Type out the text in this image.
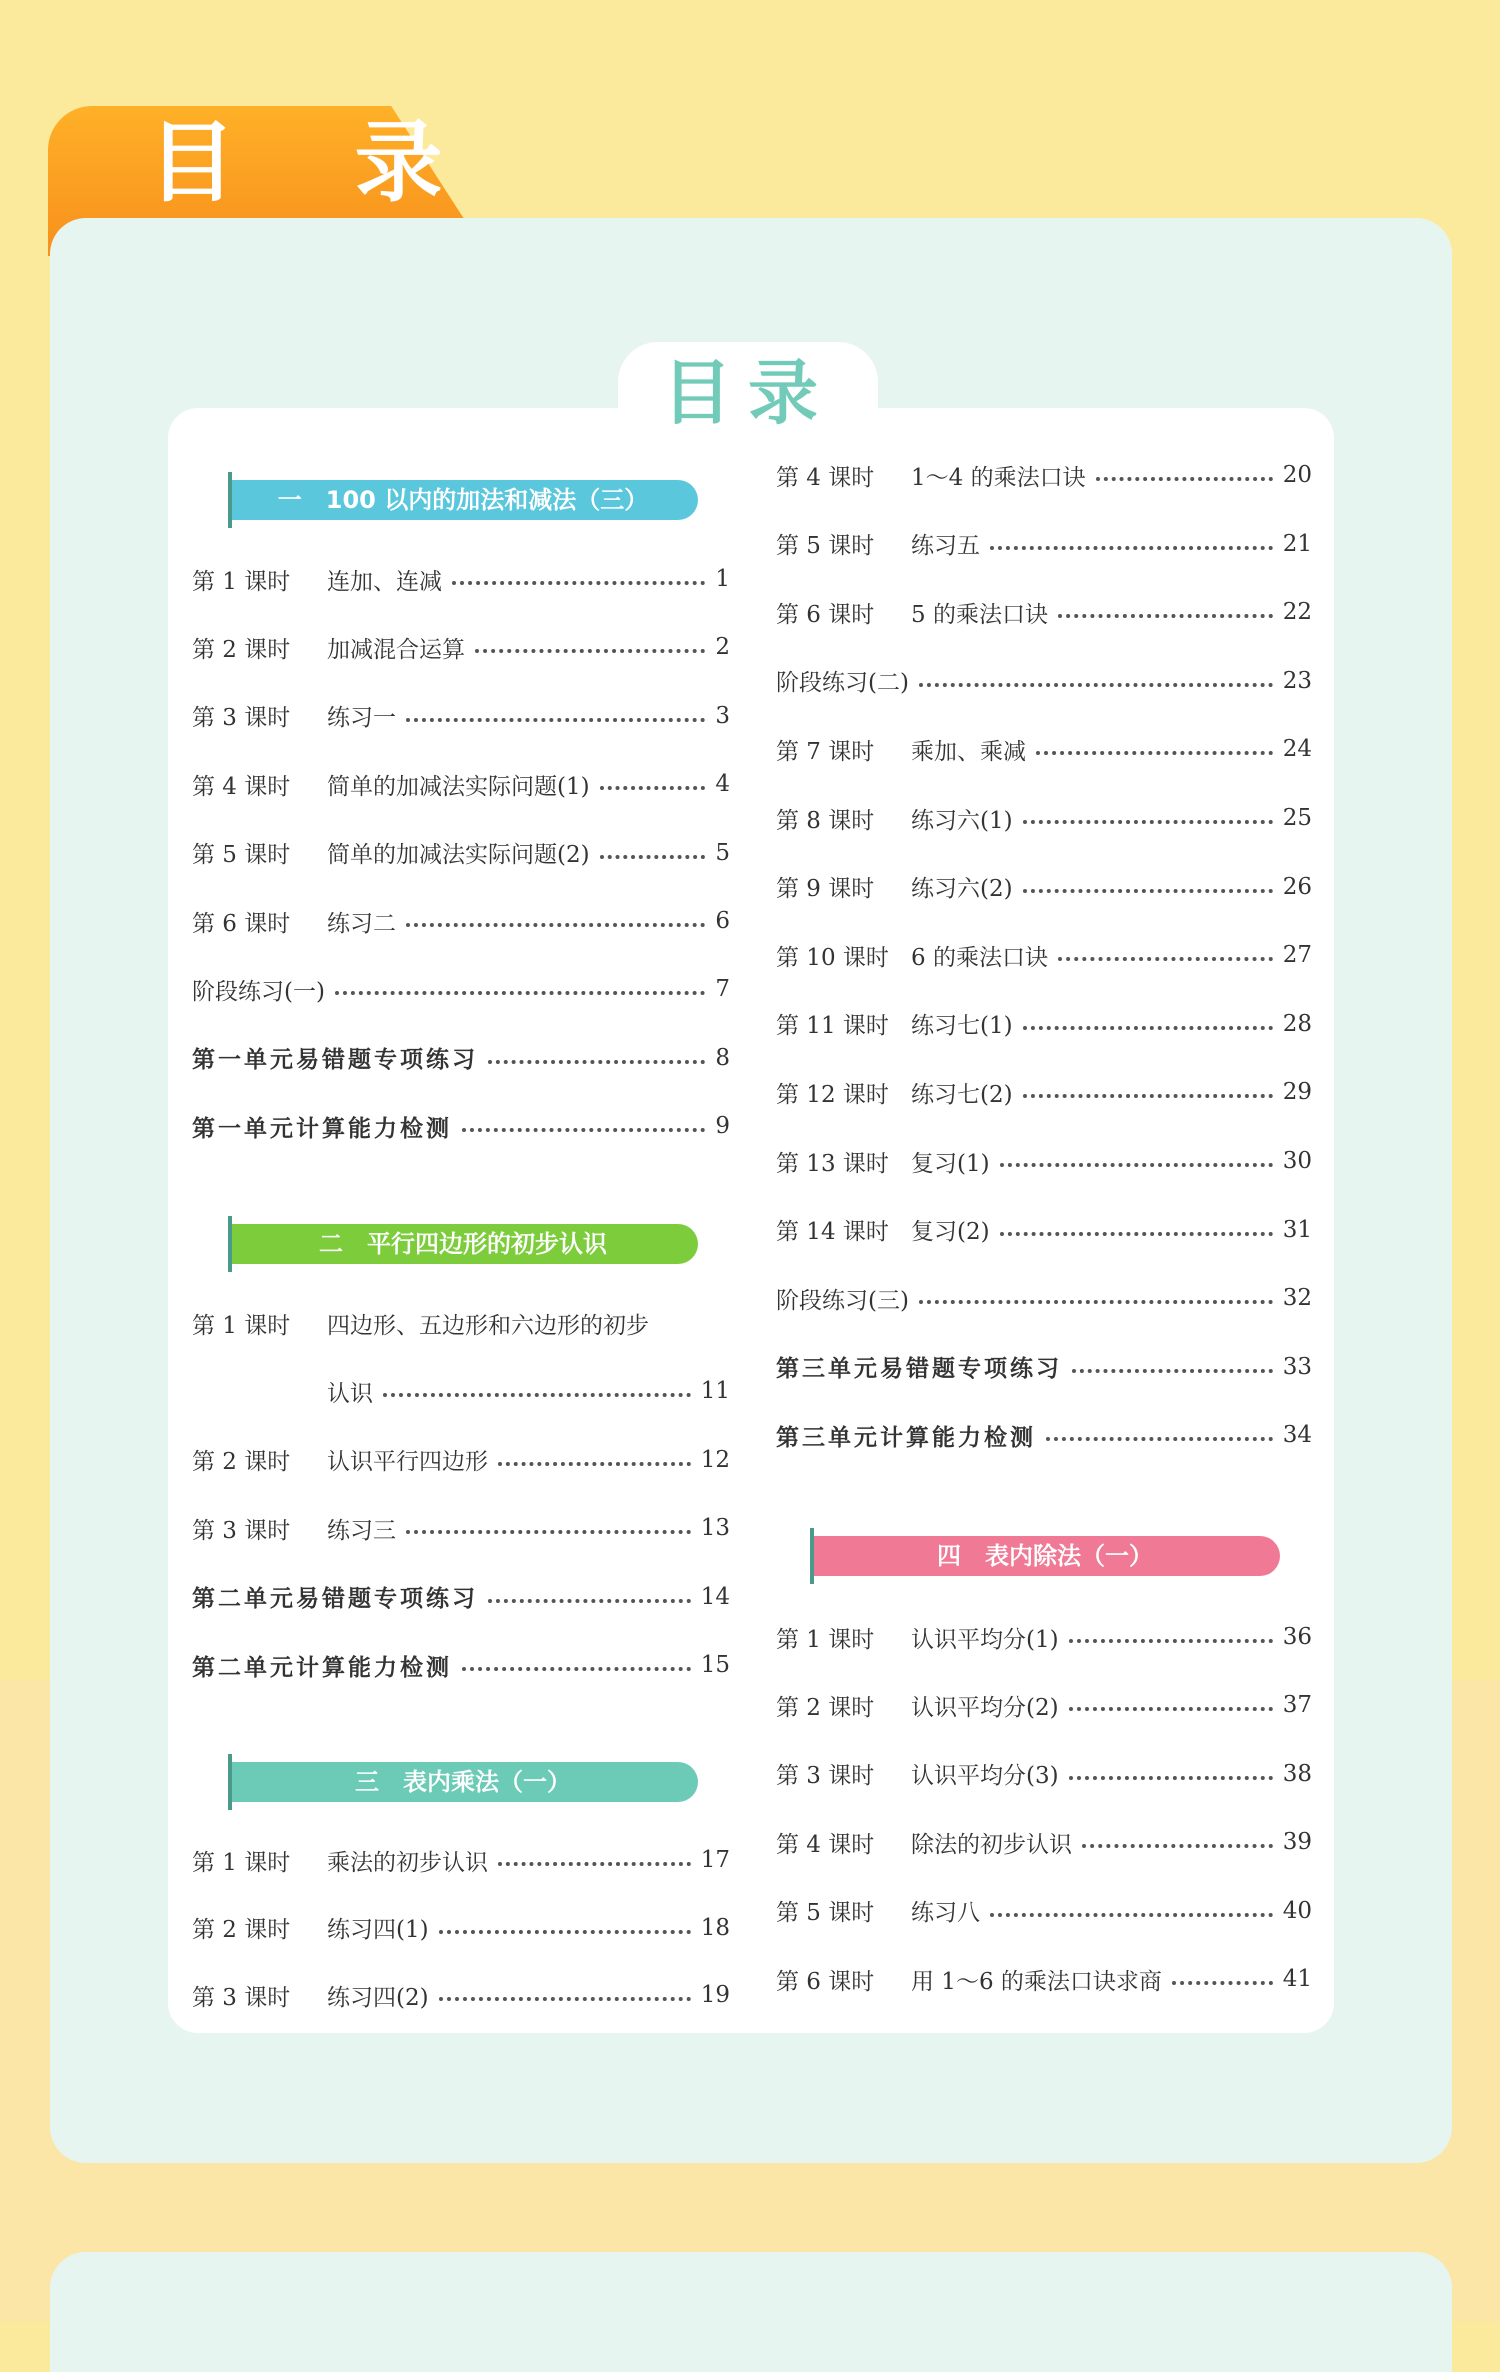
目 录
目录
一　100 以内的加法和减法（三）
第 1 课时	连加、连减	1
第 2 课时	加减混合运算	2
第 3 课时	练习一	3
第 4 课时	简单的加减法实际问题(1)	4
第 5 课时	简单的加减法实际问题(2)	5
第 6 课时	练习二	6
阶段练习(一)	7
第一单元易错题专项练习	8
第一单元计算能力检测	9
二　平行四边形的初步认识
第 1 课时	四边形、五边形和六边形的初步
认识	11
第 2 课时	认识平行四边形	12
第 3 课时	练习三	13
第二单元易错题专项练习	14
第二单元计算能力检测	15
三　表内乘法（一）
第 1 课时	乘法的初步认识	17
第 2 课时	练习四(1)	18
第 3 课时	练习四(2)	19
第 4 课时	1～4 的乘法口诀	20
第 5 课时	练习五	21
第 6 课时	5 的乘法口诀	22
阶段练习(二)	23
第 7 课时	乘加、乘减	24
第 8 课时	练习六(1)	25
第 9 课时	练习六(2)	26
第 10 课时 6 的乘法口诀	27
第 11 课时 练习七(1)	28
第 12 课时 练习七(2)	29
第 13 课时 复习(1)	30
第 14 课时 复习(2)	31
阶段练习(三)	32
第三单元易错题专项练习	33
第三单元计算能力检测	34
四　表内除法（一）
第 1 课时	认识平均分(1)	36
第 2 课时	认识平均分(2)	37
第 3 课时	认识平均分(3)	38
第 4 课时	除法的初步认识	39
第 5 课时	练习八	40
第 6 课时	用 1～6 的乘法口诀求商	41
